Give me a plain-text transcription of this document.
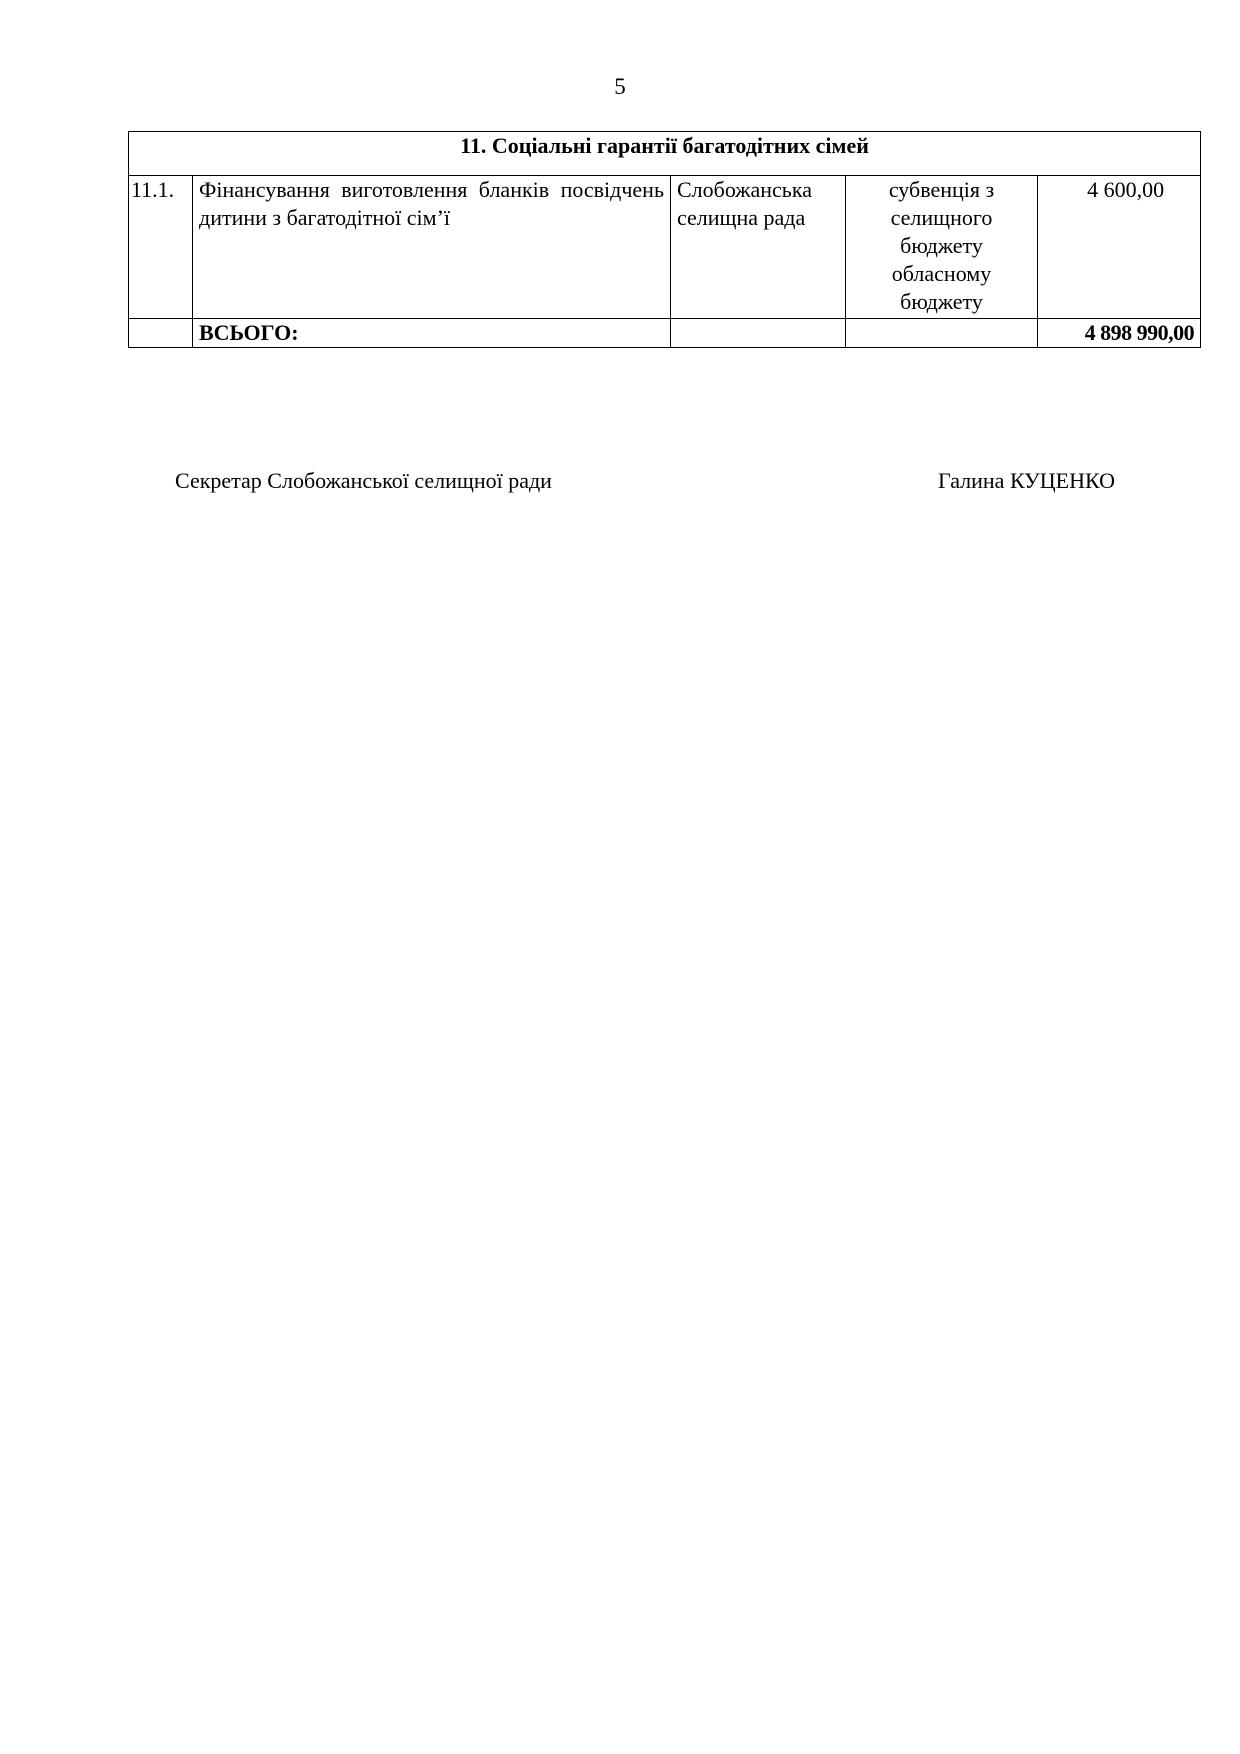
5
11. Соціальні гарантії багатодітних сімей				
11.1.	Фінансування виготовлення бланків посвідчень дитини з багатодітної сім’ї	Слобожанська селищна рада	субвенція з селищного бюджету обласному бюджету	4 600,00
	ВСЬОГО:			4 898 990,00
Секретар Слобожанської селищної ради	Галина КУЦЕНКО
